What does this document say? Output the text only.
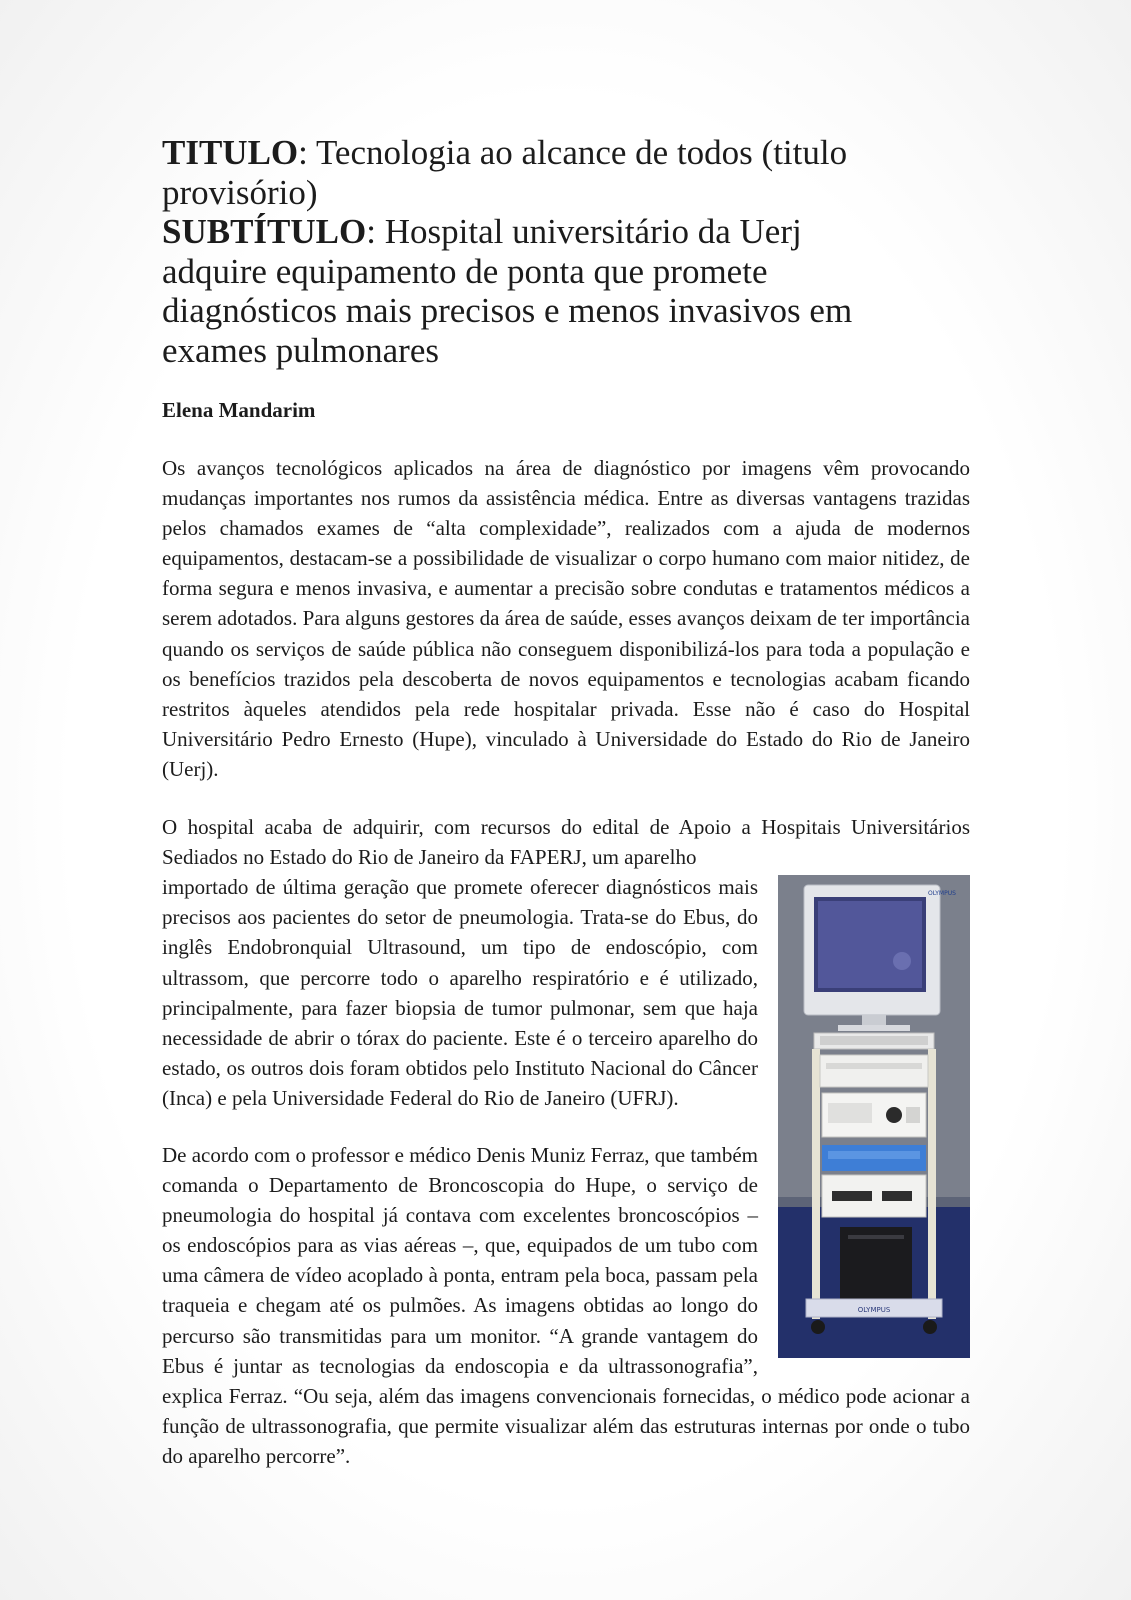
TITULO: Tecnologia ao alcance de todos (titulo provisório)
SUBTÍTULO: Hospital universitário da Uerj adquire equipamento de ponta que promete diagnósticos mais precisos e menos invasivos em exames pulmonares

Elena Mandarim

Os avanços tecnológicos aplicados na área de diagnóstico por imagens vêm provocando mudanças importantes nos rumos da assistência médica. Entre as diversas vantagens trazidas pelos chamados exames de “alta complexidade”, realizados com a ajuda de modernos equipamentos, destacam-se a possibilidade de visualizar o corpo humano com maior nitidez, de forma segura e menos invasiva, e aumentar a precisão sobre condutas e tratamentos médicos a serem adotados. Para alguns gestores da área de saúde, esses avanços deixam de ter importância quando os serviços de saúde pública não conseguem disponibilizá-los para toda a população e os benefícios trazidos pela descoberta de novos equipamentos e tecnologias acabam ficando restritos àqueles atendidos pela rede hospitalar privada. Esse não é caso do Hospital Universitário Pedro Ernesto (Hupe), vinculado à Universidade do Estado do Rio de Janeiro (Uerj).

O hospital acaba de adquirir, com recursos do edital de Apoio a Hospitais Universitários Sediados no Estado do Rio de Janeiro da FAPERJ, um aparelho

OLYMPUS
OLYMPUS

importado de última geração que promete oferecer diagnósticos mais precisos aos pacientes do setor de pneumologia. Trata-se do Ebus, do inglês Endobronquial Ultrasound, um tipo de endoscópio, com ultrassom, que percorre todo o aparelho respiratório e é utilizado, principalmente, para fazer biopsia de tumor pulmonar, sem que haja necessidade de abrir o tórax do paciente. Este é o terceiro aparelho do estado, os outros dois foram obtidos pelo Instituto Nacional do Câncer (Inca) e pela Universidade Federal do Rio de Janeiro (UFRJ).

De acordo com o professor e médico Denis Muniz Ferraz, que também comanda o Departamento de Broncoscopia do Hupe, o serviço de pneumologia do hospital já contava com excelentes broncoscópios – os endoscópios para as vias aéreas –, que, equipados de um tubo com uma câmera de vídeo acoplado à ponta, entram pela boca, passam pela traqueia e chegam até os pulmões. As imagens obtidas ao longo do percurso são transmitidas para um monitor. “A grande vantagem do Ebus é juntar as tecnologias da endoscopia e da ultrassonografia”, explica Ferraz. “Ou seja, além das imagens convencionais fornecidas, o médico pode acionar a função de ultrassonografia, que permite visualizar além das estruturas internas por onde o tubo do aparelho percorre”.
